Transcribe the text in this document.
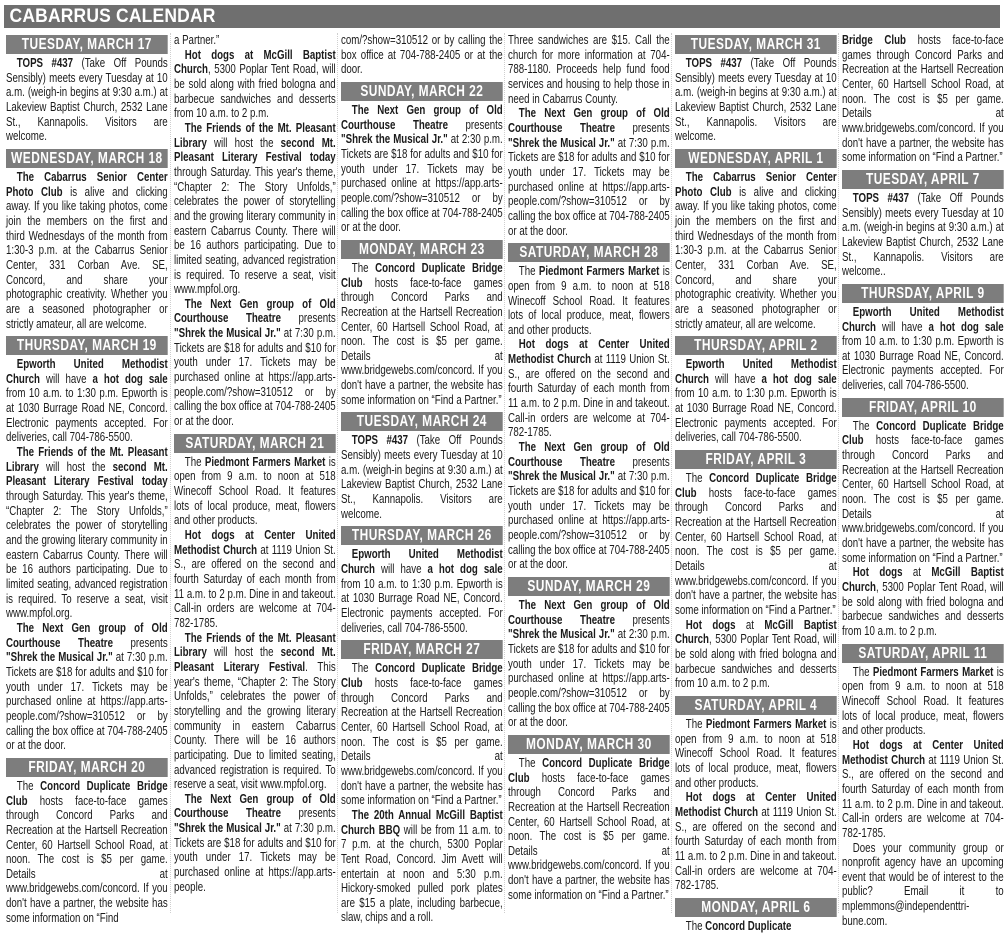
CABARRUS CALENDAR
TUESDAY, MARCH 17

TOPS #437 (Take Off Pounds Sensibly) meets every Tuesday at 10 a.m. (weigh-in begins at 9:30 a.m.) at Lakeview Baptist Church, 2532 Lane St., Kannapolis. Visitors are welcome.

WEDNESDAY, MARCH 18

The Cabarrus Senior Center Photo Club is alive and clicking away. If you like taking photos, come join the members on the first and third Wednesdays of the month from 1:30-3 p.m. at the Cabarrus Senior Center, 331 Corban Ave. SE, Concord, and share your photographic creativity. Whether you are a seasoned photographer or strictly amateur, all are welcome.

THURSDAY, MARCH 19

Epworth United Methodist Church will have a hot dog sale from 10 a.m. to 1:30 p.m. Epworth is at 1030 Burrage Road NE, Concord. Electronic payments accepted. For deliveries, call 704-786-5500.

The Friends of the Mt. Pleasant Library will host the second Mt. Pleasant Literary Festival today through Saturday. This year's theme, “Chapter 2: The Story Unfolds,” celebrates the power of storytelling and the growing literary community in eastern Cabarrus County. There will be 16 authors participating. Due to limited seating, advanced registration is required. To reserve a seat, visit www.mpfol.org.

The Next Gen group of Old Courthouse Theatre presents "Shrek the Musical Jr." at 7:30 p.m. Tickets are $18 for adults and $10 for youth under 17. Tickets may be purchased online at https://app.arts-people.com/?show=310512 or by calling the box office at 704-788-2405 or at the door.

FRIDAY, MARCH 20

The Concord Duplicate Bridge Club hosts face-to-face games through Concord Parks and Recreation at the Hartsell Recreation Center, 60 Hartsell School Road, at noon. The cost is $5 per game. Details at www.bridgewebs.com/concord. If you don't have a partner, the website has some information on “Find

a Partner.”

Hot dogs at McGill Baptist Church, 5300 Poplar Tent Road, will be sold along with fried bologna and barbecue sandwiches and desserts from 10 a.m. to 2 p.m.

The Friends of the Mt. Pleasant Library will host the second Mt. Pleasant Literary Festival today through Saturday. This year's theme, “Chapter 2: The Story Unfolds,” celebrates the power of storytelling and the growing literary community in eastern Cabarrus County. There will be 16 authors participating. Due to limited seating, advanced registration is required. To reserve a seat, visit www.mpfol.org.

The Next Gen group of Old Courthouse Theatre presents "Shrek the Musical Jr." at 7:30 p.m. Tickets are $18 for adults and $10 for youth under 17. Tickets may be purchased online at https://app.arts-people.com/?show=310512 or by calling the box office at 704-788-2405 or at the door.

SATURDAY, MARCH 21

The Piedmont Farmers Market is open from 9 a.m. to noon at 518 Winecoff School Road. It features lots of local produce, meat, flowers and other products.

Hot dogs at Center United Methodist Church at 1119 Union St. S., are offered on the second and fourth Saturday of each month from 11 a.m. to 2 p.m. Dine in and takeout. Call-in orders are welcome at 704-782-1785.

The Friends of the Mt. Pleasant Library will host the second Mt. Pleasant Literary Festival. This year's theme, “Chapter 2: The Story Unfolds,” celebrates the power of storytelling and the growing literary community in eastern Cabarrus County. There will be 16 authors participating. Due to limited seating, advanced registration is required. To reserve a seat, visit www.mpfol.org.

The Next Gen group of Old Courthouse Theatre presents "Shrek the Musical Jr." at 7:30 p.m. Tickets are $18 for adults and $10 for youth under 17. Tickets may be purchased online at https://app.arts-people.

com/?show=310512 or by calling the box office at 704-788-2405 or at the door.

SUNDAY, MARCH 22

The Next Gen group of Old Courthouse Theatre presents "Shrek the Musical Jr." at 2:30 p.m. Tickets are $18 for adults and $10 for youth under 17. Tickets may be purchased online at https://app.arts-people.com/?show=310512 or by calling the box office at 704-788-2405 or at the door.

MONDAY, MARCH 23

The Concord Duplicate Bridge Club hosts face-to-face games through Concord Parks and Recreation at the Hartsell Recreation Center, 60 Hartsell School Road, at noon. The cost is $5 per game. Details at www.bridgewebs.com/concord. If you don't have a partner, the website has some information on “Find a Partner.”

TUESDAY, MARCH 24

TOPS #437 (Take Off Pounds Sensibly) meets every Tuesday at 10 a.m. (weigh-in begins at 9:30 a.m.) at Lakeview Baptist Church, 2532 Lane St., Kannapolis. Visitors are welcome.

THURSDAY, MARCH 26

Epworth United Methodist Church will have a hot dog sale from 10 a.m. to 1:30 p.m. Epworth is at 1030 Burrage Road NE, Concord. Electronic payments accepted. For deliveries, call 704-786-5500.

FRIDAY, MARCH 27

The Concord Duplicate Bridge Club hosts face-to-face games through Concord Parks and Recreation at the Hartsell Recreation Center, 60 Hartsell School Road, at noon. The cost is $5 per game. Details at www.bridgewebs.com/concord. If you don't have a partner, the website has some information on “Find a Partner.”

The 20th Annual McGill Baptist Church BBQ will be from 11 a.m. to 7 p.m. at the church, 5300 Poplar Tent Road, Concord. Jim Avett will entertain at noon and 5:30 p.m. Hickory-smoked pulled pork plates are $15 a plate, including barbecue, slaw, chips and a roll.

Three sandwiches are $15. Call the church for more information at 704-788-1180. Proceeds help fund food services and housing to help those in need in Cabarrus County.

The Next Gen group of Old Courthouse Theatre presents "Shrek the Musical Jr." at 7:30 p.m. Tickets are $18 for adults and $10 for youth under 17. Tickets may be purchased online at https://app.arts-people.com/?show=310512 or by calling the box office at 704-788-2405 or at the door.

SATURDAY, MARCH 28

The Piedmont Farmers Market is open from 9 a.m. to noon at 518 Winecoff School Road. It features lots of local produce, meat, flowers and other products.

Hot dogs at Center United Methodist Church at 1119 Union St. S., are offered on the second and fourth Saturday of each month from 11 a.m. to 2 p.m. Dine in and takeout. Call-in orders are welcome at 704-782-1785.

The Next Gen group of Old Courthouse Theatre presents "Shrek the Musical Jr." at 7:30 p.m. Tickets are $18 for adults and $10 for youth under 17. Tickets may be purchased online at https://app.arts-people.com/?show=310512 or by calling the box office at 704-788-2405 or at the door.

SUNDAY, MARCH 29

The Next Gen group of Old Courthouse Theatre presents "Shrek the Musical Jr." at 2:30 p.m. Tickets are $18 for adults and $10 for youth under 17. Tickets may be purchased online at https://app.arts-people.com/?show=310512 or by calling the box office at 704-788-2405 or at the door.

MONDAY, MARCH 30

The Concord Duplicate Bridge Club hosts face-to-face games through Concord Parks and Recreation at the Hartsell Recreation Center, 60 Hartsell School Road, at noon. The cost is $5 per game. Details at www.bridgewebs.com/concord. If you don't have a partner, the website has some information on “Find a Partner.”

TUESDAY, MARCH 31

TOPS #437 (Take Off Pounds Sensibly) meets every Tuesday at 10 a.m. (weigh-in begins at 9:30 a.m.) at Lakeview Baptist Church, 2532 Lane St., Kannapolis. Visitors are welcome.

WEDNESDAY, APRIL 1

The Cabarrus Senior Center Photo Club is alive and clicking away. If you like taking photos, come join the members on the first and third Wednesdays of the month from 1:30-3 p.m. at the Cabarrus Senior Center, 331 Corban Ave. SE, Concord, and share your photographic creativity. Whether you are a seasoned photographer or strictly amateur, all are welcome.

THURSDAY, APRIL 2

Epworth United Methodist Church will have a hot dog sale from 10 a.m. to 1:30 p.m. Epworth is at 1030 Burrage Road NE, Concord. Electronic payments accepted. For deliveries, call 704-786-5500.

FRIDAY, APRIL 3

The Concord Duplicate Bridge Club hosts face-to-face games through Concord Parks and Recreation at the Hartsell Recreation Center, 60 Hartsell School Road, at noon. The cost is $5 per game. Details at www.bridgewebs.com/concord. If you don't have a partner, the website has some information on “Find a Partner.”

Hot dogs at McGill Baptist Church, 5300 Poplar Tent Road, will be sold along with fried bologna and barbecue sandwiches and desserts from 10 a.m. to 2 p.m.

SATURDAY, APRIL 4

The Piedmont Farmers Market is open from 9 a.m. to noon at 518 Winecoff School Road. It features lots of local produce, meat, flowers and other products.

Hot dogs at Center United Methodist Church at 1119 Union St. S., are offered on the second and fourth Saturday of each month from 11 a.m. to 2 p.m. Dine in and takeout. Call-in orders are welcome at 704-782-1785.

MONDAY, APRIL 6

The Concord Duplicate

Bridge Club hosts face-to-face games through Concord Parks and Recreation at the Hartsell Recreation Center, 60 Hartsell School Road, at noon. The cost is $5 per game. Details at www.bridgewebs.com/concord. If you don't have a partner, the website has some information on “Find a Partner.”

TUESDAY, APRIL 7

TOPS #437 (Take Off Pounds Sensibly) meets every Tuesday at 10 a.m. (weigh-in begins at 9:30 a.m.) at Lakeview Baptist Church, 2532 Lane St., Kannapolis. Visitors are welcome..

THURSDAY, APRIL 9

Epworth United Methodist Church will have a hot dog sale from 10 a.m. to 1:30 p.m. Epworth is at 1030 Burrage Road NE, Concord. Electronic payments accepted. For deliveries, call 704-786-5500.

FRIDAY, APRIL 10

The Concord Duplicate Bridge Club hosts face-to-face games through Concord Parks and Recreation at the Hartsell Recreation Center, 60 Hartsell School Road, at noon. The cost is $5 per game. Details at www.bridgewebs.com/concord. If you don't have a partner, the website has some information on “Find a Partner.”

Hot dogs at McGill Baptist Church, 5300 Poplar Tent Road, will be sold along with fried bologna and barbecue sandwiches and desserts from 10 a.m. to 2 p.m.

SATURDAY, APRIL 11

The Piedmont Farmers Market is open from 9 a.m. to noon at 518 Winecoff School Road. It features lots of local produce, meat, flowers and other products.

Hot dogs at Center United Methodist Church at 1119 Union St. S., are offered on the second and fourth Saturday of each month from 11 a.m. to 2 p.m. Dine in and takeout. Call-in orders are welcome at 704-782-1785.

Does your community group or nonprofit agency have an upcoming event that would be of interest to the public? Email it to mplemmons@independenttribune.com.
